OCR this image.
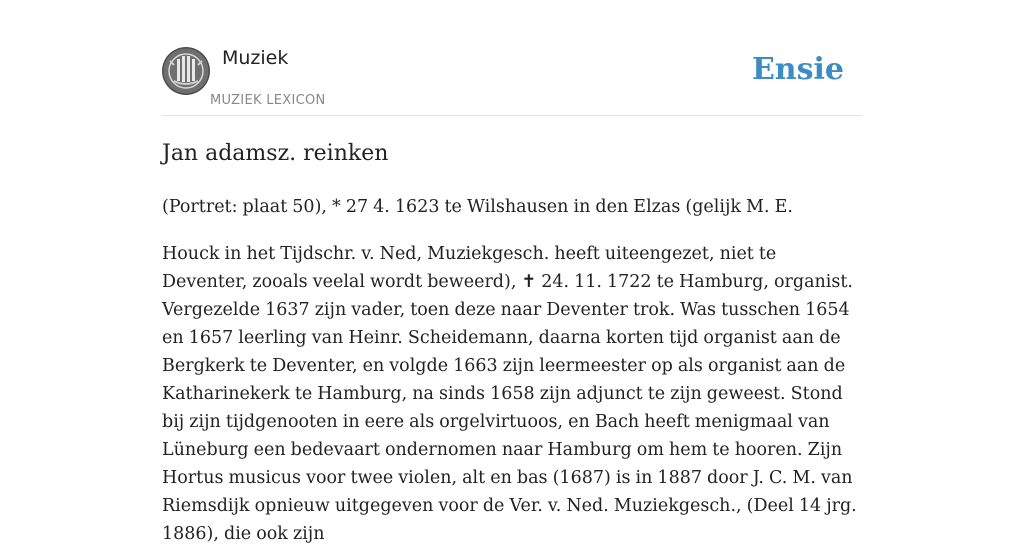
Muziek
MUZIEK LEXICON
Ensie
Jan adamsz. reinken

(Portret: plaat 50), * 27 4. 1623 te Wilshausen in den Elzas (gelijk M. E.

Houck in het Tijdschr. v. Ned, Muziekgesch. heeft uiteengezet, niet te Deventer, zooals veelal wordt beweerd), ✝ 24. 11. 1722 te Hamburg, organist. Vergezelde 1637 zijn vader, toen deze naar Deventer trok. Was tusschen 1654 en 1657 leerling van Heinr. Scheidemann, daarna korten tijd organist aan de Bergkerk te Deventer, en volgde 1663 zijn leermeester op als organist aan de Katharinekerk te Hamburg, na sinds 1658 zijn adjunct te zijn geweest. Stond bij zijn tijdgenooten in eere als orgelvirtuoos, en Bach heeft menigmaal van Lüneburg een bedevaart ondernomen naar Hamburg om hem te hooren. Zijn Hortus musicus voor twee violen, alt en bas (1687) is in 1887 door J. C. M. van Riemsdijk opnieuw uitgegeven voor de Ver. v. Ned. Muziekgesch., (Deel 14 jrg. 1886), die ook zijn
